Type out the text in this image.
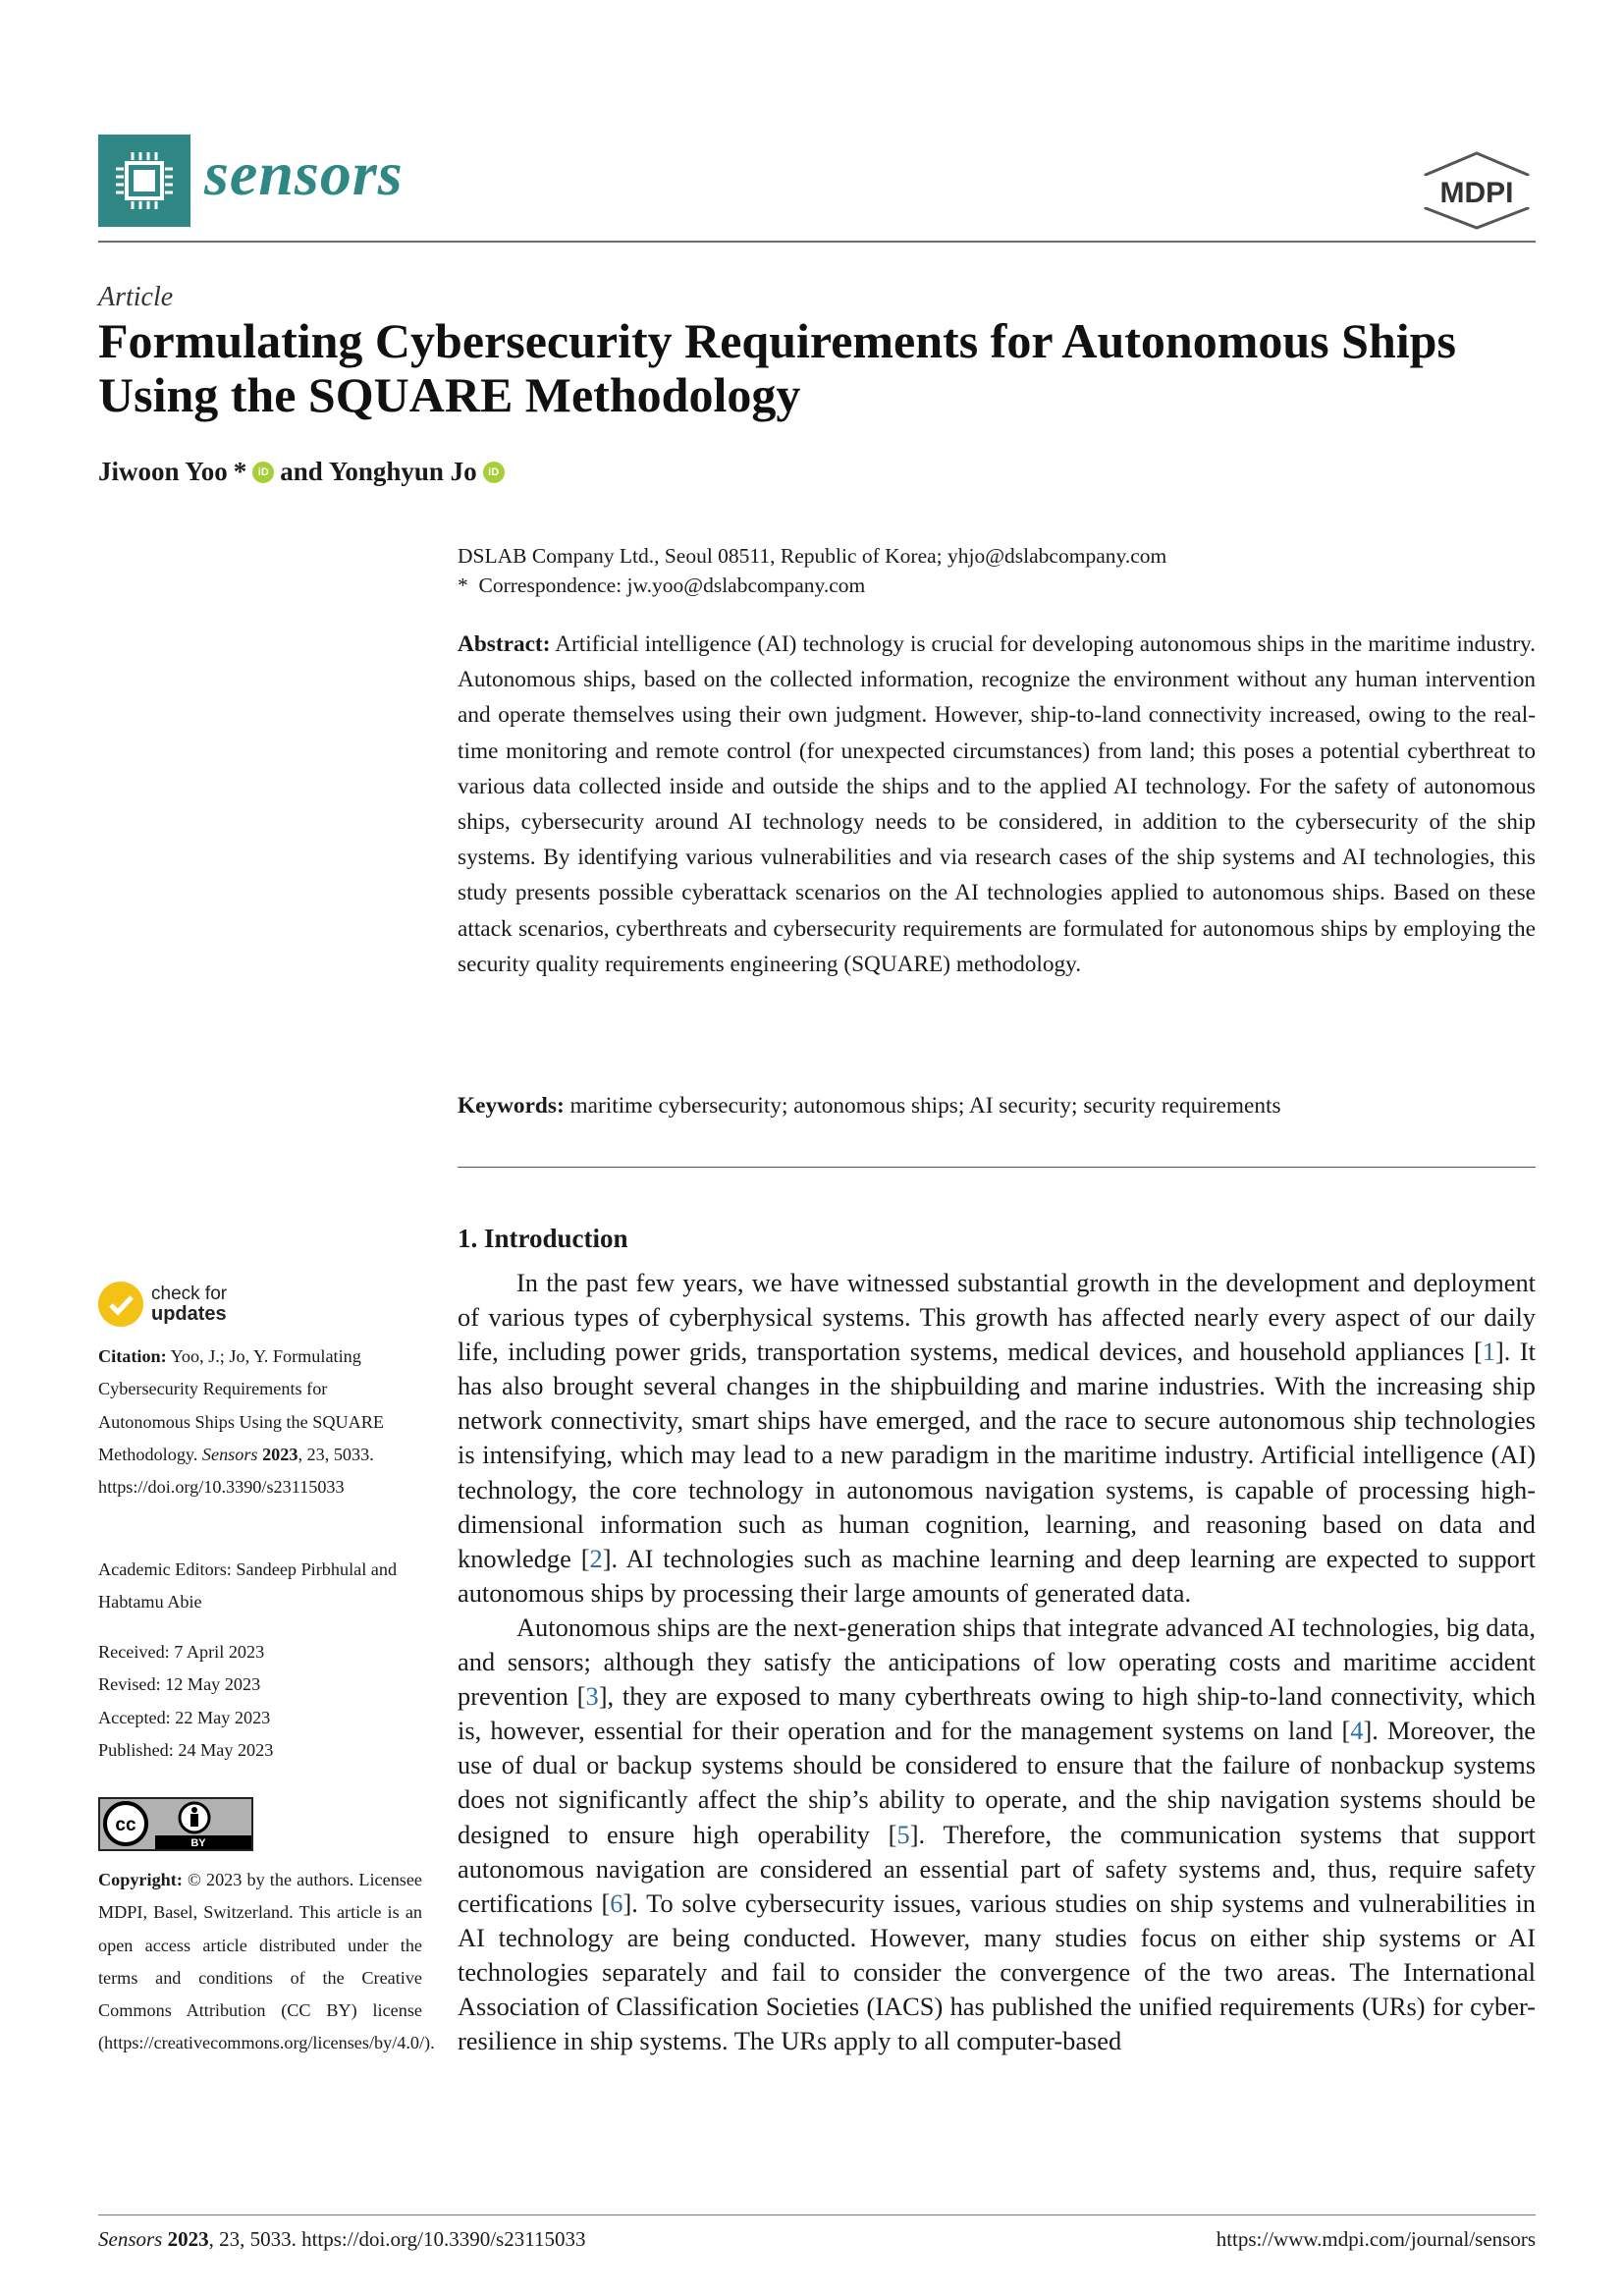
sensors	MDPI
Article
Formulating Cybersecurity Requirements for Autonomous Ships Using the SQUARE Methodology
Jiwoon Yoo *	iD and Yonghyun Jo	iD
DSLAB Company Ltd., Seoul 08511, Republic of Korea; yhjo@dslabcompany.com
* Correspondence: jw.yoo@dslabcompany.com
Abstract: Artificial intelligence (AI) technology is crucial for developing autonomous ships in the maritime industry. Autonomous ships, based on the collected information, recognize the environment without any human intervention and operate themselves using their own judgment. However, ship-to-land connectivity increased, owing to the real-time monitoring and remote control (for unexpected circumstances) from land; this poses a potential cyberthreat to various data collected inside and outside the ships and to the applied AI technology. For the safety of autonomous ships, cybersecurity around AI technology needs to be considered, in addition to the cybersecurity of the ship systems. By identifying various vulnerabilities and via research cases of the ship systems and AI technologies, this study presents possible cyberattack scenarios on the AI technologies applied to autonomous ships. Based on these attack scenarios, cyberthreats and cybersecurity requirements are formulated for autonomous ships by employing the security quality requirements engineering (SQUARE) methodology.
Keywords: maritime cybersecurity; autonomous ships; AI security; security requirements
1. Introduction

In the past few years, we have witnessed substantial growth in the development and deployment of various types of cyberphysical systems. This growth has affected nearly every aspect of our daily life, including power grids, transportation systems, medical devices, and household appliances [1]. It has also brought several changes in the shipbuilding and marine industries. With the increasing ship network connectivity, smart ships have emerged, and the race to secure autonomous ship technologies is intensifying, which may lead to a new paradigm in the maritime industry. Artificial intelligence (AI) technology, the core technology in autonomous navigation systems, is capable of processing high-dimensional information such as human cognition, learning, and reasoning based on data and knowledge [2]. AI technologies such as machine learning and deep learning are expected to support autonomous ships by processing their large amounts of generated data.

Autonomous ships are the next-generation ships that integrate advanced AI technologies, big data, and sensors; although they satisfy the anticipations of low operating costs and maritime accident prevention [3], they are exposed to many cyberthreats owing to high ship-to-land connectivity, which is, however, essential for their operation and for the management systems on land [4]. Moreover, the use of dual or backup systems should be considered to ensure that the failure of nonbackup systems does not significantly affect the ship’s ability to operate, and the ship navigation systems should be designed to ensure high operability [5]. Therefore, the communication systems that support autonomous navigation are considered an essential part of safety systems and, thus, require safety certifications [6]. To solve cybersecurity issues, various studies on ship systems and vulnerabilities in AI technology are being conducted. However, many studies focus on either ship systems or AI technologies separately and fail to consider the convergence of the two areas. The International Association of Classification Societies (IACS) has published the unified requirements (URs) for cyber-resilience in ship systems. The URs apply to all computer-based

check for
updates
Citation: Yoo, J.; Jo, Y. Formulating Cybersecurity Requirements for Autonomous Ships Using the SQUARE Methodology. Sensors 2023, 23, 5033. https://doi.org/10.3390/s23115033
Academic Editors: Sandeep Pirbhulal and Habtamu Abie
Received: 7 April 2023
Revised: 12 May 2023
Accepted: 22 May 2023
Published: 24 May 2023
cc
BY
Copyright: © 2023 by the authors. Licensee MDPI, Basel, Switzerland. This article is an open access article distributed under the terms and conditions of the Creative Commons Attribution (CC BY) license (https://creativecommons.org/licenses/by/4.0/).
Sensors 2023, 23, 5033. https://doi.org/10.3390/s23115033	https://www.mdpi.com/journal/sensors
